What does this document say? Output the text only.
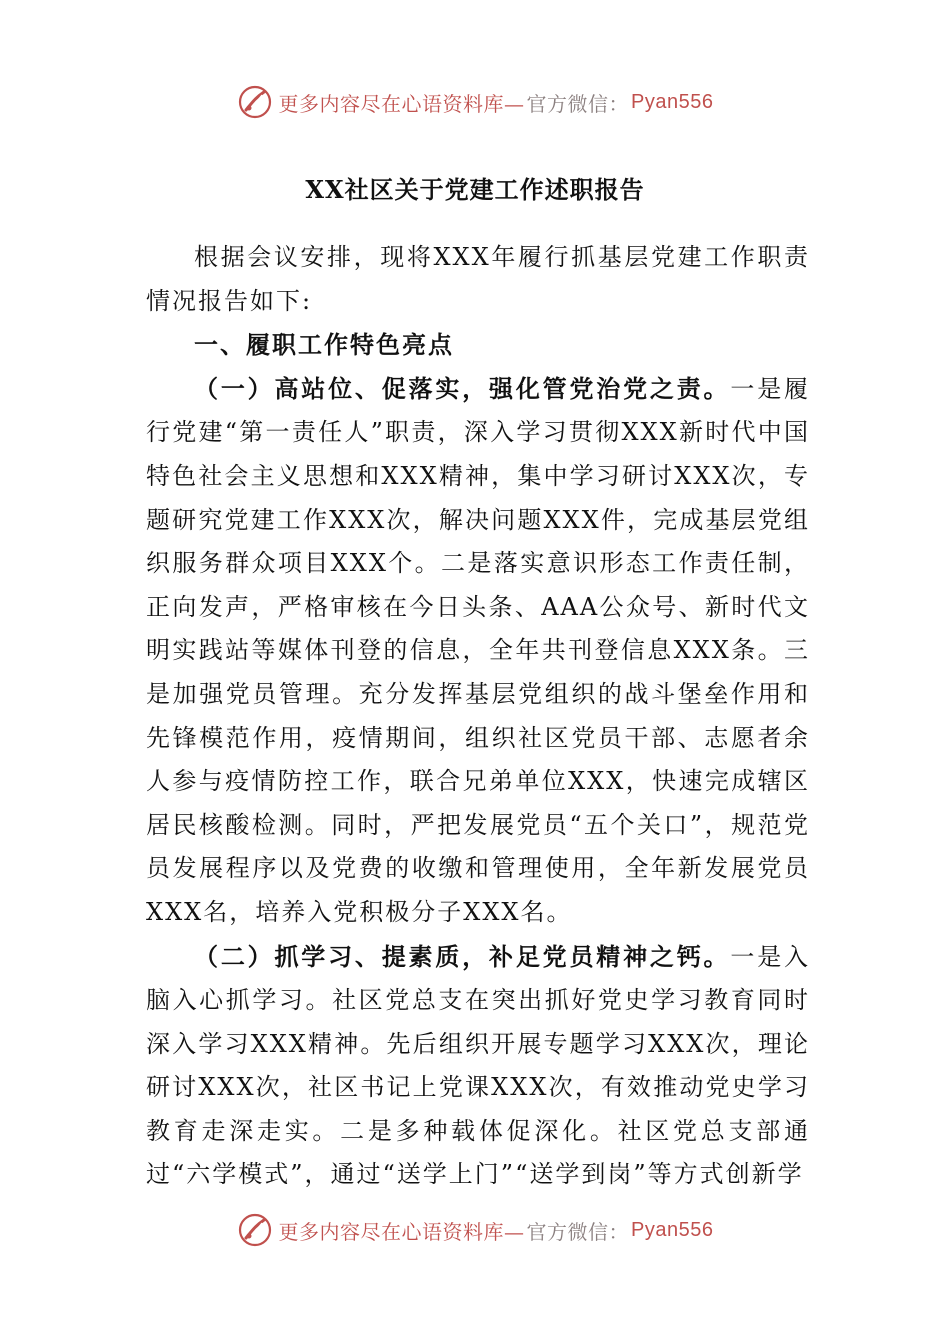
更多内容尽在心语资料库— 官方微信： Pyan556
XX社区关于党建工作述职报告

根据会议安排，现将XXX年履行抓基层党建工作职责情况报告如下:

一、履职工作特色亮点

（一）高站位、促落实，强化管党治党之责。一是履行党建“第一责任人”职责，深入学习贯彻XXX新时代中国特色社会主义思想和XXX精神，集中学习研讨XXX次，专题研究党建工作XXX次，解决问题XXX件，完成基层党组织服务群众项目XXX个。二是落实意识形态工作责任制，正向发声，严格审核在今日头条、AAA公众号、新时代文明实践站等媒体刊登的信息，全年共刊登信息XXX条。三是加强党员管理。充分发挥基层党组织的战斗堡垒作用和先锋模范作用，疫情期间，组织社区党员干部、志愿者余人参与疫情防控工作，联合兄弟单位XXX，快速完成辖区居民核酸检测。同时，严把发展党员“五个关口”，规范党员发展程序以及党费的收缴和管理使用，全年新发展党员XXX名，培养入党积极分子XXX名。

（二）抓学习、提素质，补足党员精神之钙。一是入脑入心抓学习。社区党总支在突出抓好党史学习教育同时深入学习XXX精神。先后组织开展专题学习XXX次，理论研讨XXX次，社区书记上党课XXX次，有效推动党史学习教育走深走实。二是多种载体促深化。社区党总支部通过“六学模式”，通过“送学上门”“送学到岗”等方式创新学

更多内容尽在心语资料库— 官方微信： Pyan556
